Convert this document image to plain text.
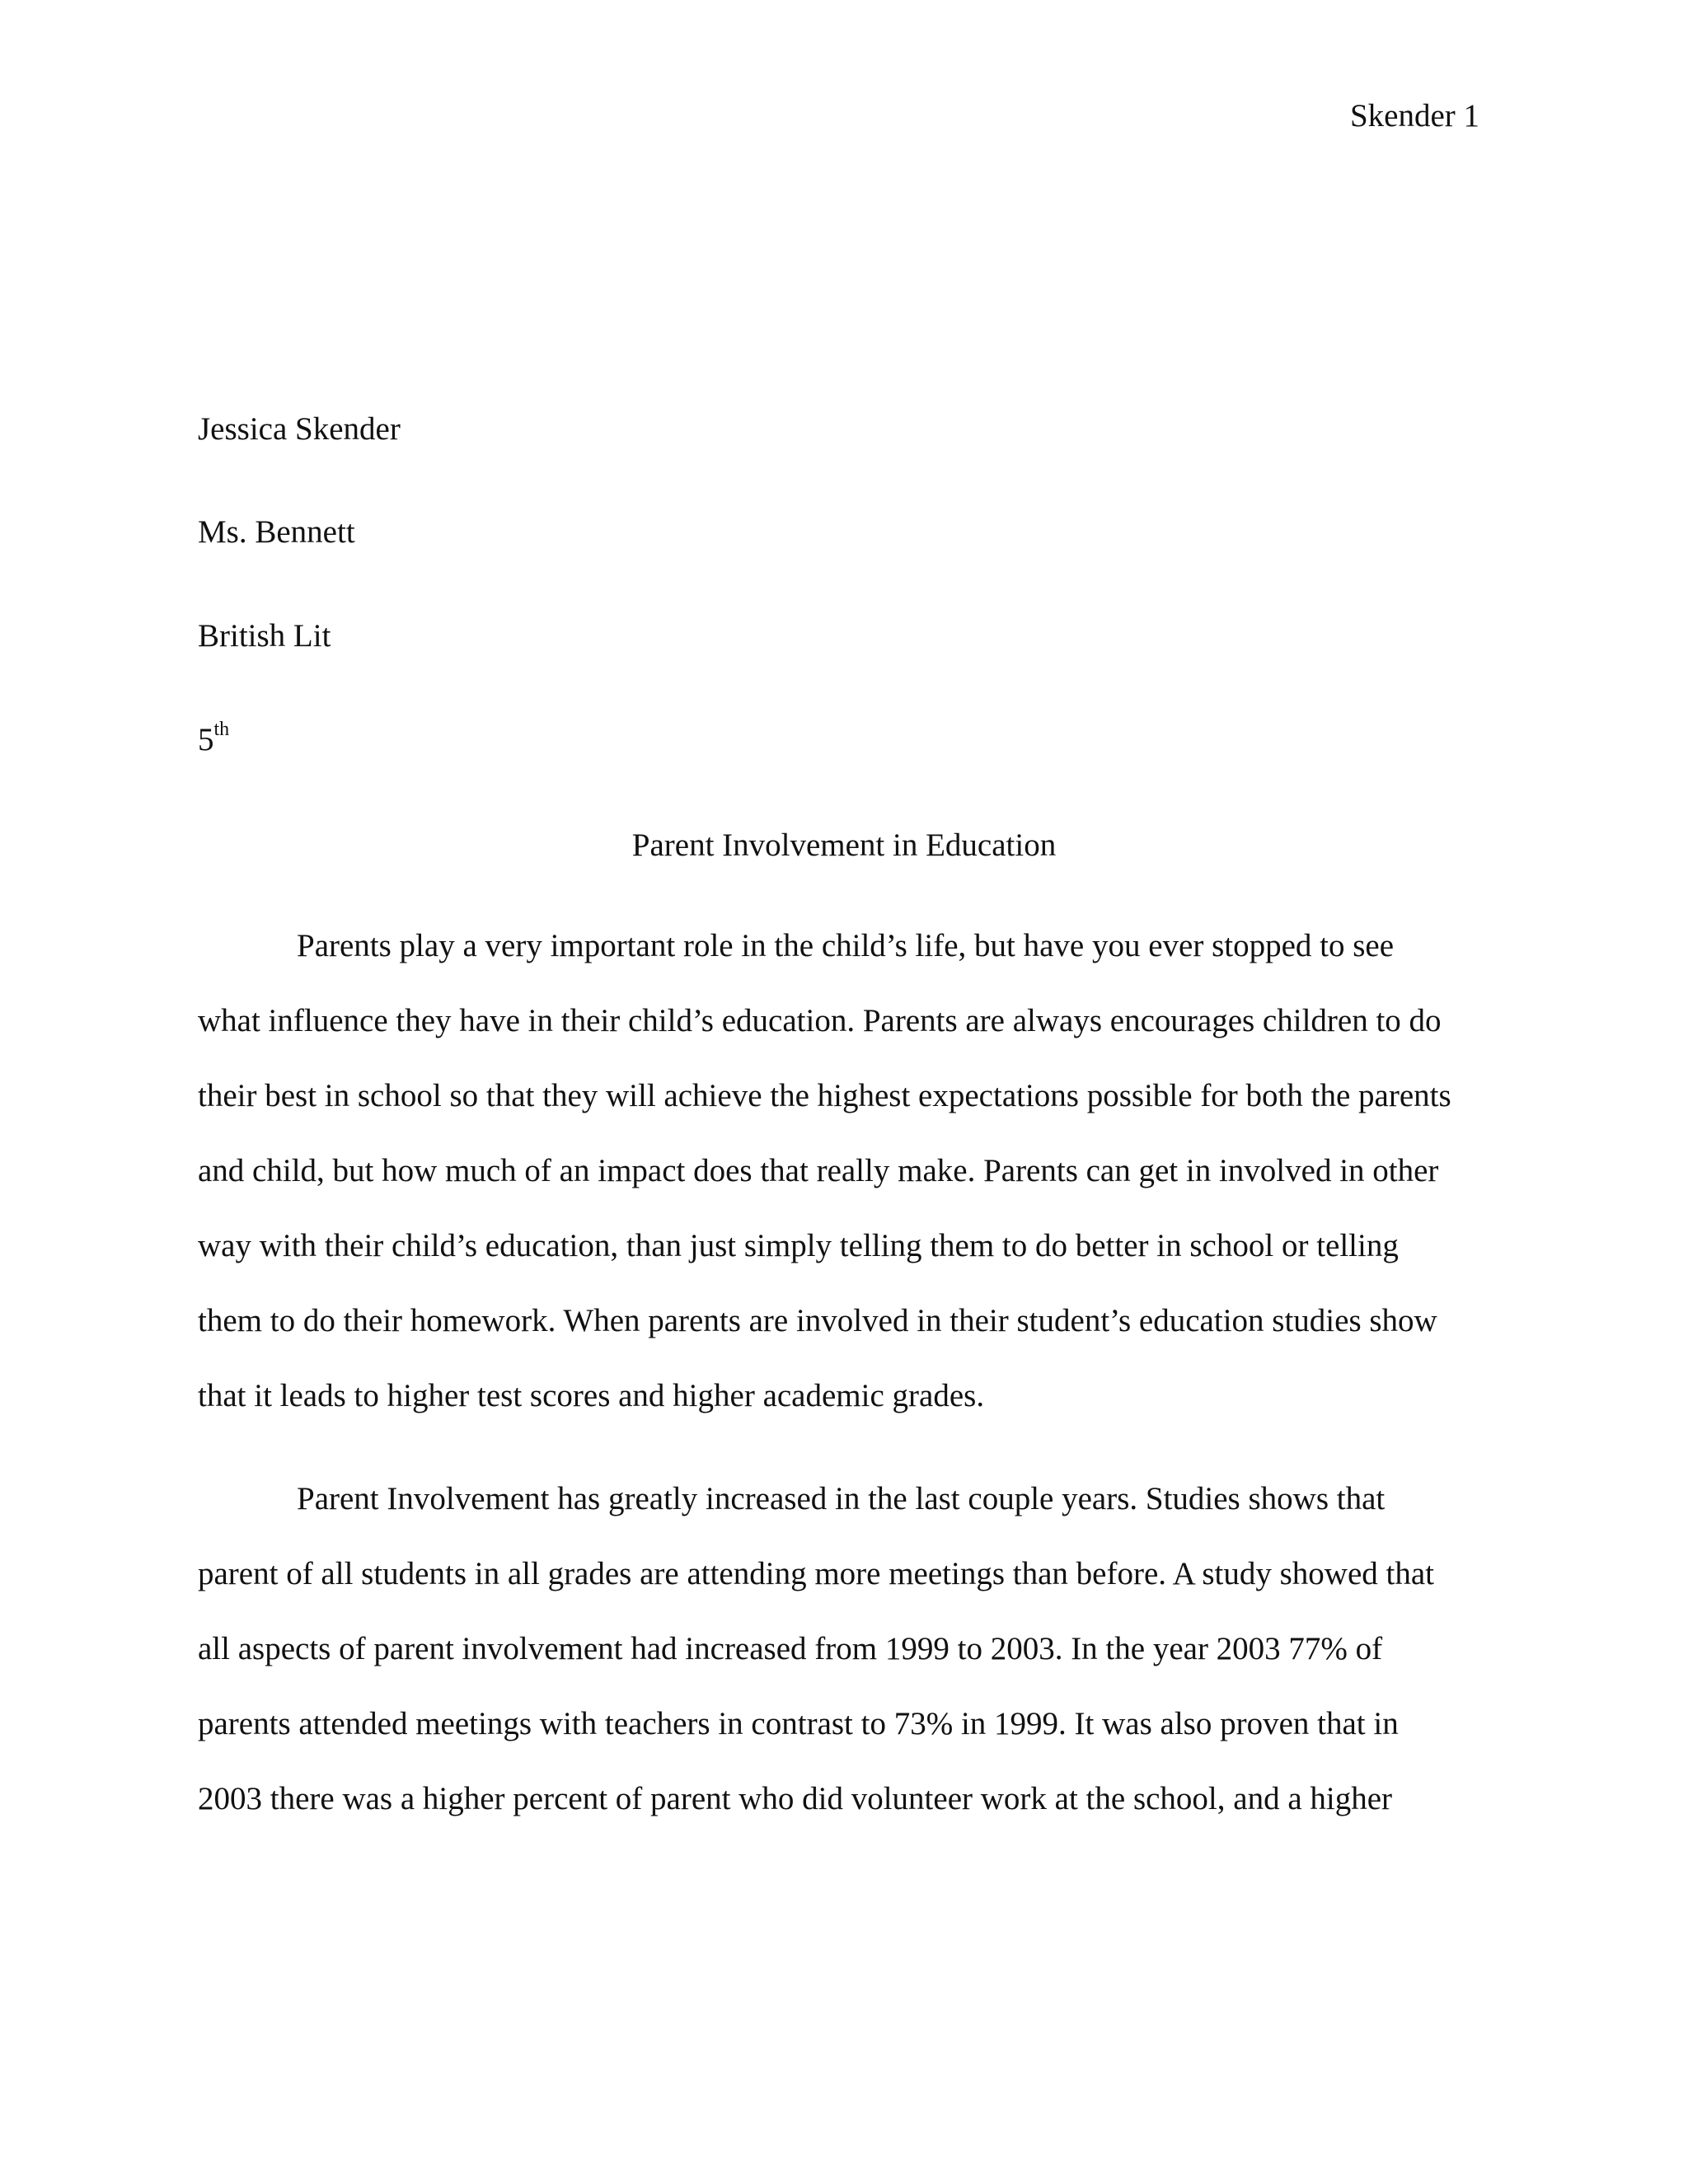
Skender 1
Jessica Skender
Ms. Bennett
British Lit
5th
Parent Involvement in Education
Parents play a very important role in the child’s life, but have you ever stopped to see
what influence they have in their child’s education. Parents are always encourages children to do
their best in school so that they will achieve the highest expectations possible for both the parents
and child, but how much of an impact does that really make. Parents can get in involved in other
way with their child’s education, than just simply telling them to do better in school or telling
them to do their homework. When parents are involved in their student’s education studies show
that it leads to higher test scores and higher academic grades.
Parent Involvement has greatly increased in the last couple years. Studies shows that
parent of all students in all grades are attending more meetings than before. A study showed that
all aspects of parent involvement had increased from 1999 to 2003. In the year 2003 77% of
parents attended meetings with teachers in contrast to 73% in 1999. It was also proven that in
2003 there was a higher percent of parent who did volunteer work at the school, and a higher
